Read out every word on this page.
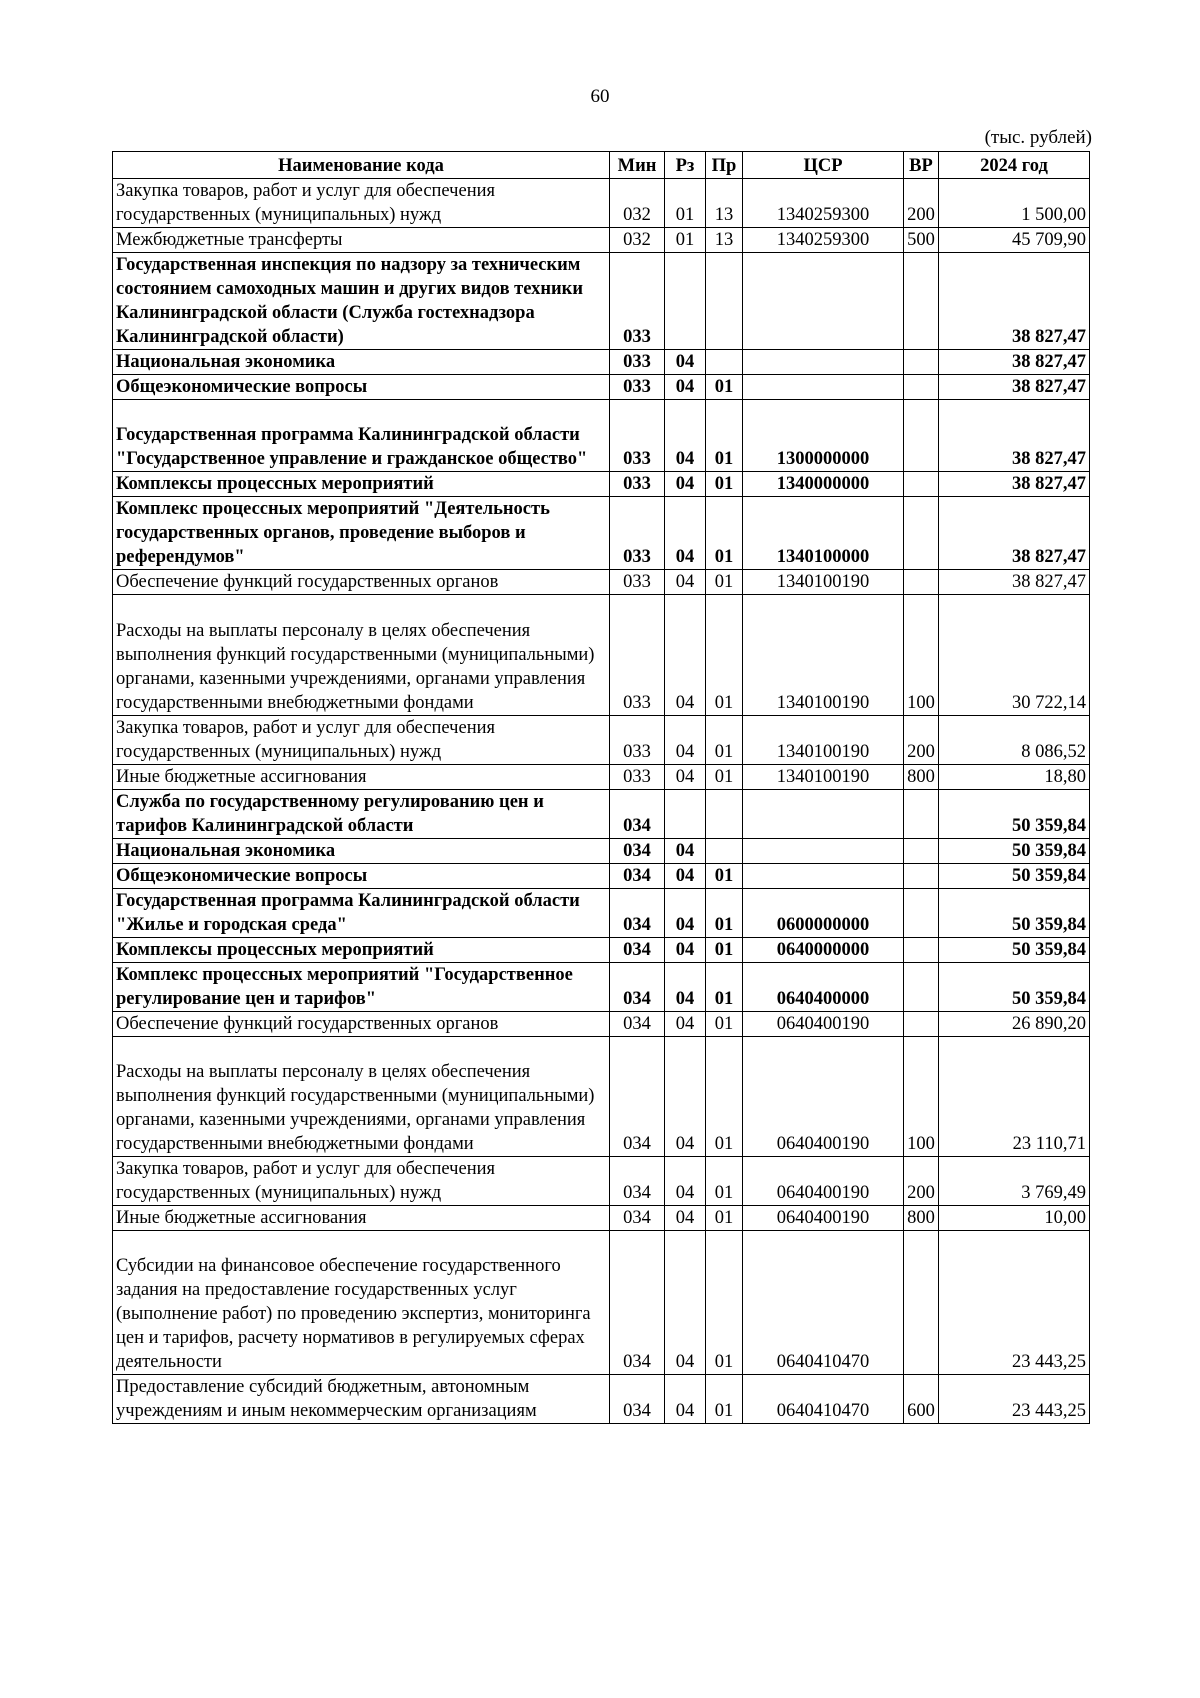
60
(тыс. рублей)
Наименование кода	Мин	Рз	Пр	ЦСР	ВР	2024 год
Закупка товаров, работ и услуг для обеспечения государственных (муниципальных) нужд	032	01	13	1340259300	200	1 500,00
Межбюджетные трансферты	032	01	13	1340259300	500	45 709,90
Государственная инспекция по надзору за техническим состоянием самоходных машин и других видов техники Калининградской области (Служба гостехнадзора Калининградской области)	033					38 827,47
Национальная экономика	033	04				38 827,47
Общеэкономические вопросы	033	04	01			38 827,47
Государственная программа Калининградской области "Государственное управление и гражданское общество"	033	04	01	1300000000		38 827,47
Комплексы процессных мероприятий	033	04	01	1340000000		38 827,47
Комплекс процессных мероприятий "Деятельность государственных органов, проведение выборов и референдумов"	033	04	01	1340100000		38 827,47
Обеспечение функций государственных органов	033	04	01	1340100190		38 827,47
Расходы на выплаты персоналу в целях обеспечения выполнения функций государственными (муниципальными) органами, казенными учреждениями, органами управления государственными внебюджетными фондами	033	04	01	1340100190	100	30 722,14
Закупка товаров, работ и услуг для обеспечения государственных (муниципальных) нужд	033	04	01	1340100190	200	8 086,52
Иные бюджетные ассигнования	033	04	01	1340100190	800	18,80
Служба по государственному регулированию цен и тарифов Калининградской области	034					50 359,84
Национальная экономика	034	04				50 359,84
Общеэкономические вопросы	034	04	01			50 359,84
Государственная программа Калининградской области "Жилье и городская среда"	034	04	01	0600000000		50 359,84
Комплексы процессных мероприятий	034	04	01	0640000000		50 359,84
Комплекс процессных мероприятий "Государственное регулирование цен и тарифов"	034	04	01	0640400000		50 359,84
Обеспечение функций государственных органов	034	04	01	0640400190		26 890,20
Расходы на выплаты персоналу в целях обеспечения выполнения функций государственными (муниципальными) органами, казенными учреждениями, органами управления государственными внебюджетными фондами	034	04	01	0640400190	100	23 110,71
Закупка товаров, работ и услуг для обеспечения государственных (муниципальных) нужд	034	04	01	0640400190	200	3 769,49
Иные бюджетные ассигнования	034	04	01	0640400190	800	10,00
Субсидии на финансовое обеспечение государственного задания на предоставление государственных услуг (выполнение работ) по проведению экспертиз, мониторинга цен и тарифов, расчету нормативов в регулируемых сферах деятельности	034	04	01	0640410470		23 443,25
Предоставление субсидий бюджетным, автономным учреждениям и иным некоммерческим организациям	034	04	01	0640410470	600	23 443,25
